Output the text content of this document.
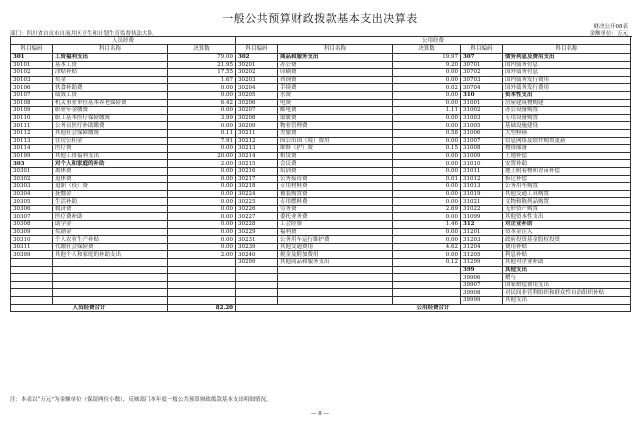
一般公共预算财政拨款基本支出决算表
财决公开08表
部门：四川省自贡市自流井区卫生和计划生育监督执法大队	金额单位：万元
人员经费			公用经费					
科目编码	科目名称	决算数	科目编码	科目名称	决算数	科目编码	科目名称	
301	工资福利支出	79.00	302	商品和服务支出	19.97	307	债务利息及费用支出	
30101	基本工资	21.95	30201	办公费	9.20	30701	国内债务付息	
30102	津贴补贴	17.55	30202	印刷费	0.00	30702	国外债务付息	
30103	奖金	1.67	30203	咨询费	0.00	30703	国内债务发行费用	
30106	伙食补助费	0.00	30204	手续费	0.02	30704	国外债务发行费用	
30107	绩效工资	0.00	30205	水费	0.00	310	资本性支出	
30108	机关事业单位基本养老保险费	6.42	30206	电费	0.00	31001	房屋建筑物购建	
30109	职业年金缴费	0.00	30207	邮电费	1.11	31002	办公设备购置	
30110	职工基本医疗保险缴费	3.99	30208	取暖费	0.00	31003	专用设备购置	
30111	公务员医疗补助缴费	0.00	30209	物业管理费	0.00	31005	基础设施建设	
30112	其他社会保障缴费	0.11	30211	差旅费	0.58	31006	大型修缮	
30113	住房公积金	7.91	30212	因公出国（境）费用	0.00	31007	信息网络及软件购置更新	
30114	医疗费	0.00	30213	维修（护）费	0.15	31008	物资储备	
30199	其他工资福利支出	20.00	30214	租赁费	0.00	31009	土地补偿	
303	对个人和家庭的补助	2.00	30215	会议费	0.00	31010	安置补助	
30301	离休费	0.00	30216	培训费	0.00	31011	地上附着物和青苗补偿	
30302	退休费	0.00	30217	公务接待费	0.01	31012	拆迁补偿	
30303	退职（役）费	0.00	30218	专用材料费	0.00	31013	公务用车购置	
30304	抚恤金	0.00	30224	被装购置费	0.00	31019	其他交通工具购置	
30305	生活补助	0.00	30225	专用燃料费	0.00	31021	文物和陈列品购置	
30306	救济费	0.00	30226	劳务费	2.69	31022	无形资产购置	
30307	医疗费补助	0.00	30227	委托业务费	0.00	31099	其他资本性支出	
30308	助学金	0.00	30228	工会经费	1.46	312	对企业补助	
30309	奖励金	0.00	30229	福利费	0.00	31201	资本金注入	
30310	个人农业生产补贴	0.00	30231	公务用车运行维护费	0.00	31203	政府投资基金股权投资	
30311	代缴社会保险费	0.00	30239	其他交通费用	4.62	31204	费用补贴	
30399	其他个人和家庭的补助支出	2.00	30240	税金及附加费用	0.00	31205	利息补贴	
			30299	其他商品和服务支出	0.12	31299	其他对企业补助	
						399	其他支出	
						39906	赠与	
						39907	国家赔偿费用支出	
						39908	对民间非营利组织和群众性自治组织补贴	
						39999	其他支出	
人员经费合计		82.20	公用经费合计	
注：本表以“万元”为金额单位（保留两位小数），反映部门本年度一般公共预算财政拨款基本支出明细情况。
— 8 —
